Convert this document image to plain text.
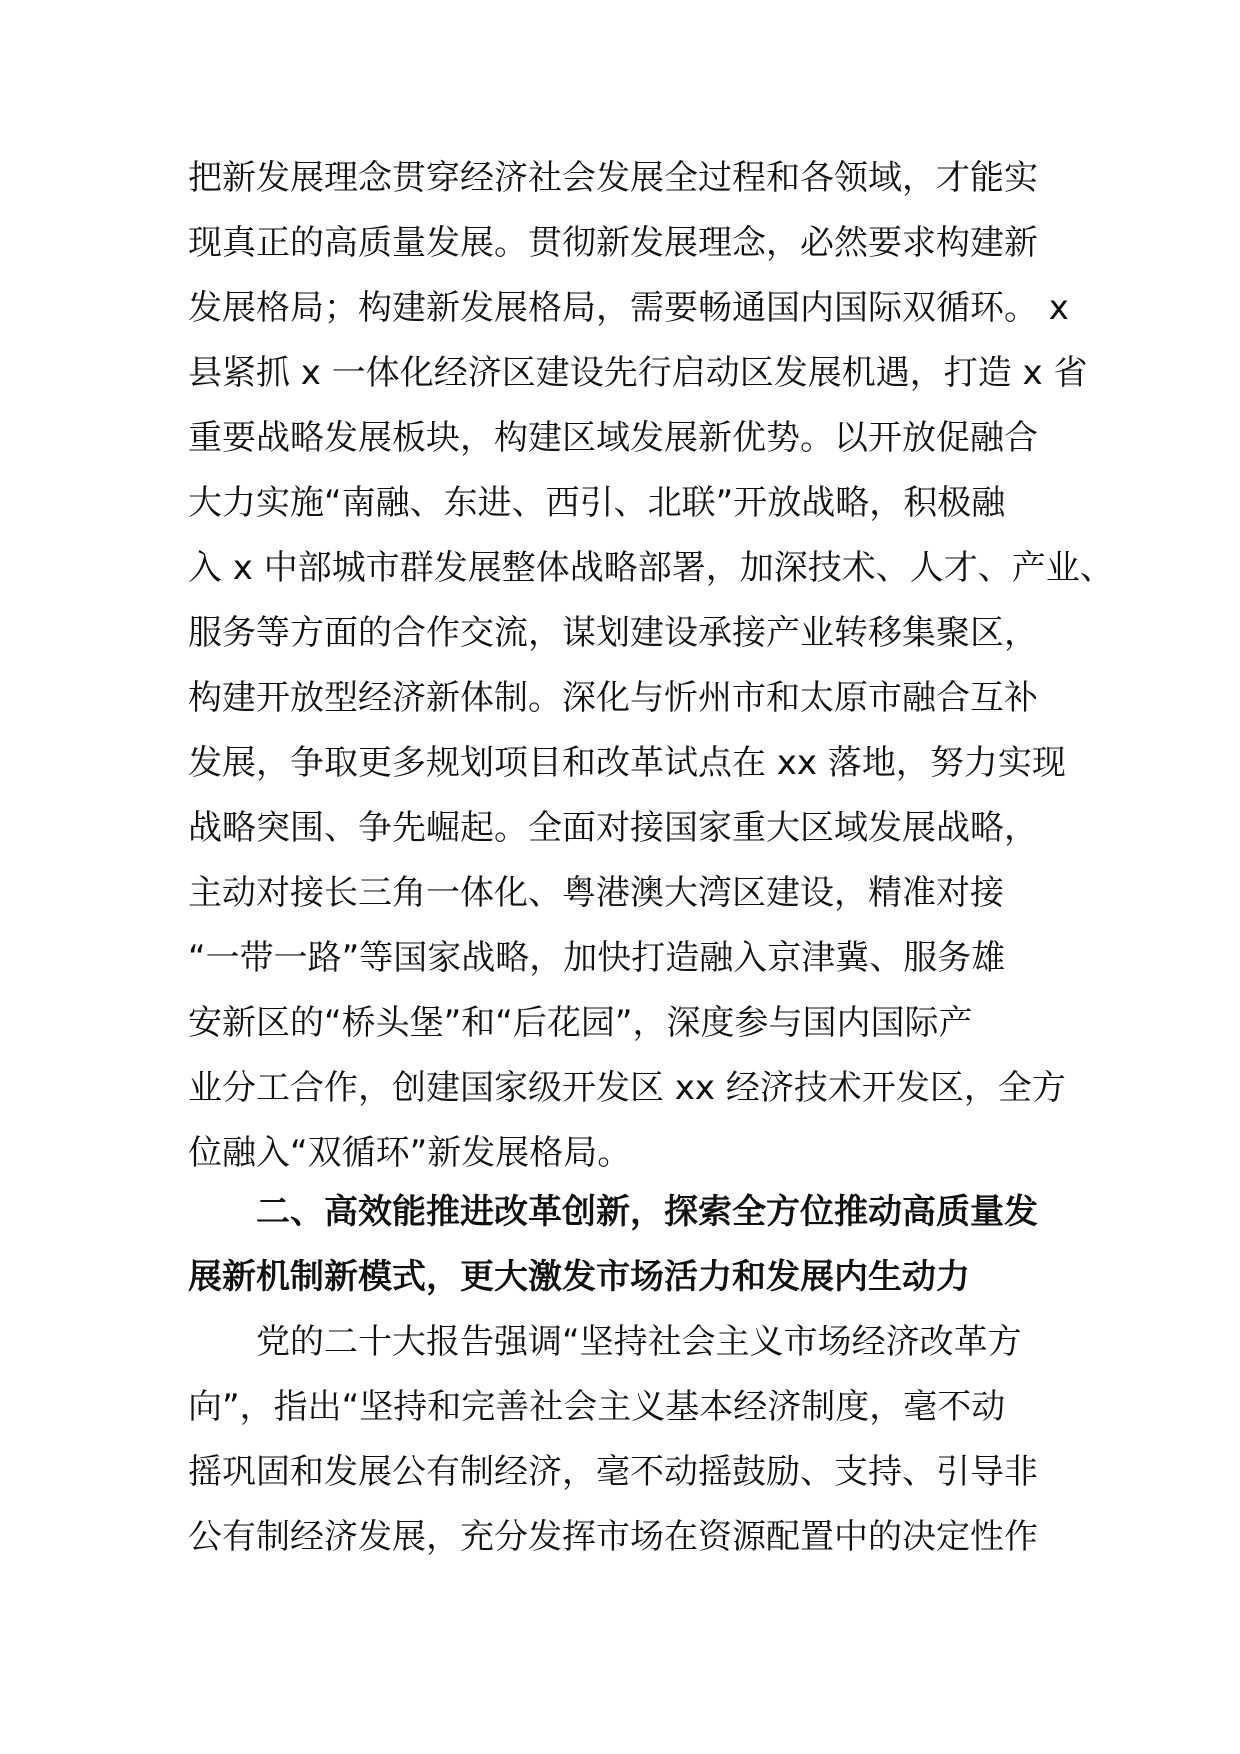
把新发展理念贯穿经济社会发展全过程和各领域，才能实
现真正的高质量发展。贯彻新发展理念，必然要求构建新
发展格局；构建新发展格局，需要畅通国内国际双循环。 x
县紧抓 x 一体化经济区建设先行启动区发展机遇，打造 x 省
重要战略发展板块，构建区域发展新优势。以开放促融合
大力实施“南融、东进、西引、北联”开放战略，积极融
入 x 中部城市群发展整体战略部署，加深技术、人才、产业、
服务等方面的合作交流，谋划建设承接产业转移集聚区，
构建开放型经济新体制。深化与忻州市和太原市融合互补
发展，争取更多规划项目和改革试点在 xx 落地，努力实现
战略突围、争先崛起。全面对接国家重大区域发展战略，
主动对接长三角一体化、粤港澳大湾区建设，精准对接
“一带一路”等国家战略，加快打造融入京津冀、服务雄
安新区的“桥头堡”和“后花园”，深度参与国内国际产
业分工合作，创建国家级开发区 xx 经济技术开发区，全方
位融入“双循环”新发展格局。
二、高效能推进改革创新，探索全方位推动高质量发
展新机制新模式，更大激发市场活力和发展内生动力
党的二十大报告强调“坚持社会主义市场经济改革方
向”，指出“坚持和完善社会主义基本经济制度，毫不动
摇巩固和发展公有制经济，毫不动摇鼓励、支持、引导非
公有制经济发展，充分发挥市场在资源配置中的决定性作
